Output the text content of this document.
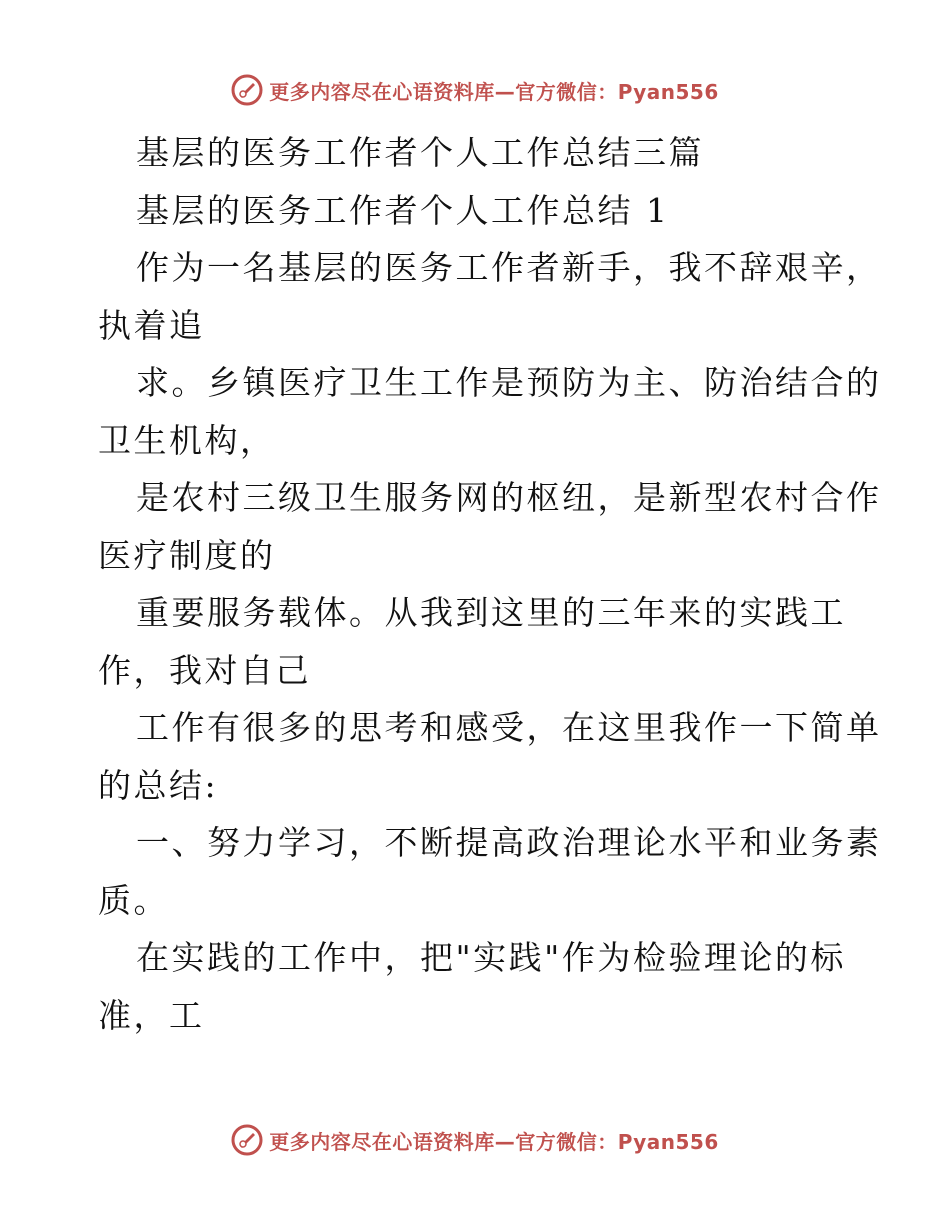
更多内容尽在心语资料库—官方微信：Pyan556
基层的医务工作者个人工作总结三篇
基层的医务工作者个人工作总结 1
作为一名基层的医务工作者新手，我不辞艰辛，
执着追
求。乡镇医疗卫生工作是预防为主、防治结合的
卫生机构，
是农村三级卫生服务网的枢纽，是新型农村合作
医疗制度的
重要服务载体。从我到这里的三年来的实践工
作，我对自己
工作有很多的思考和感受，在这里我作一下简单
的总结:
一、努力学习，不断提高政治理论水平和业务素
质。
在实践的工作中，把"实践"作为检验理论的标
准，工
更多内容尽在心语资料库—官方微信：Pyan556
